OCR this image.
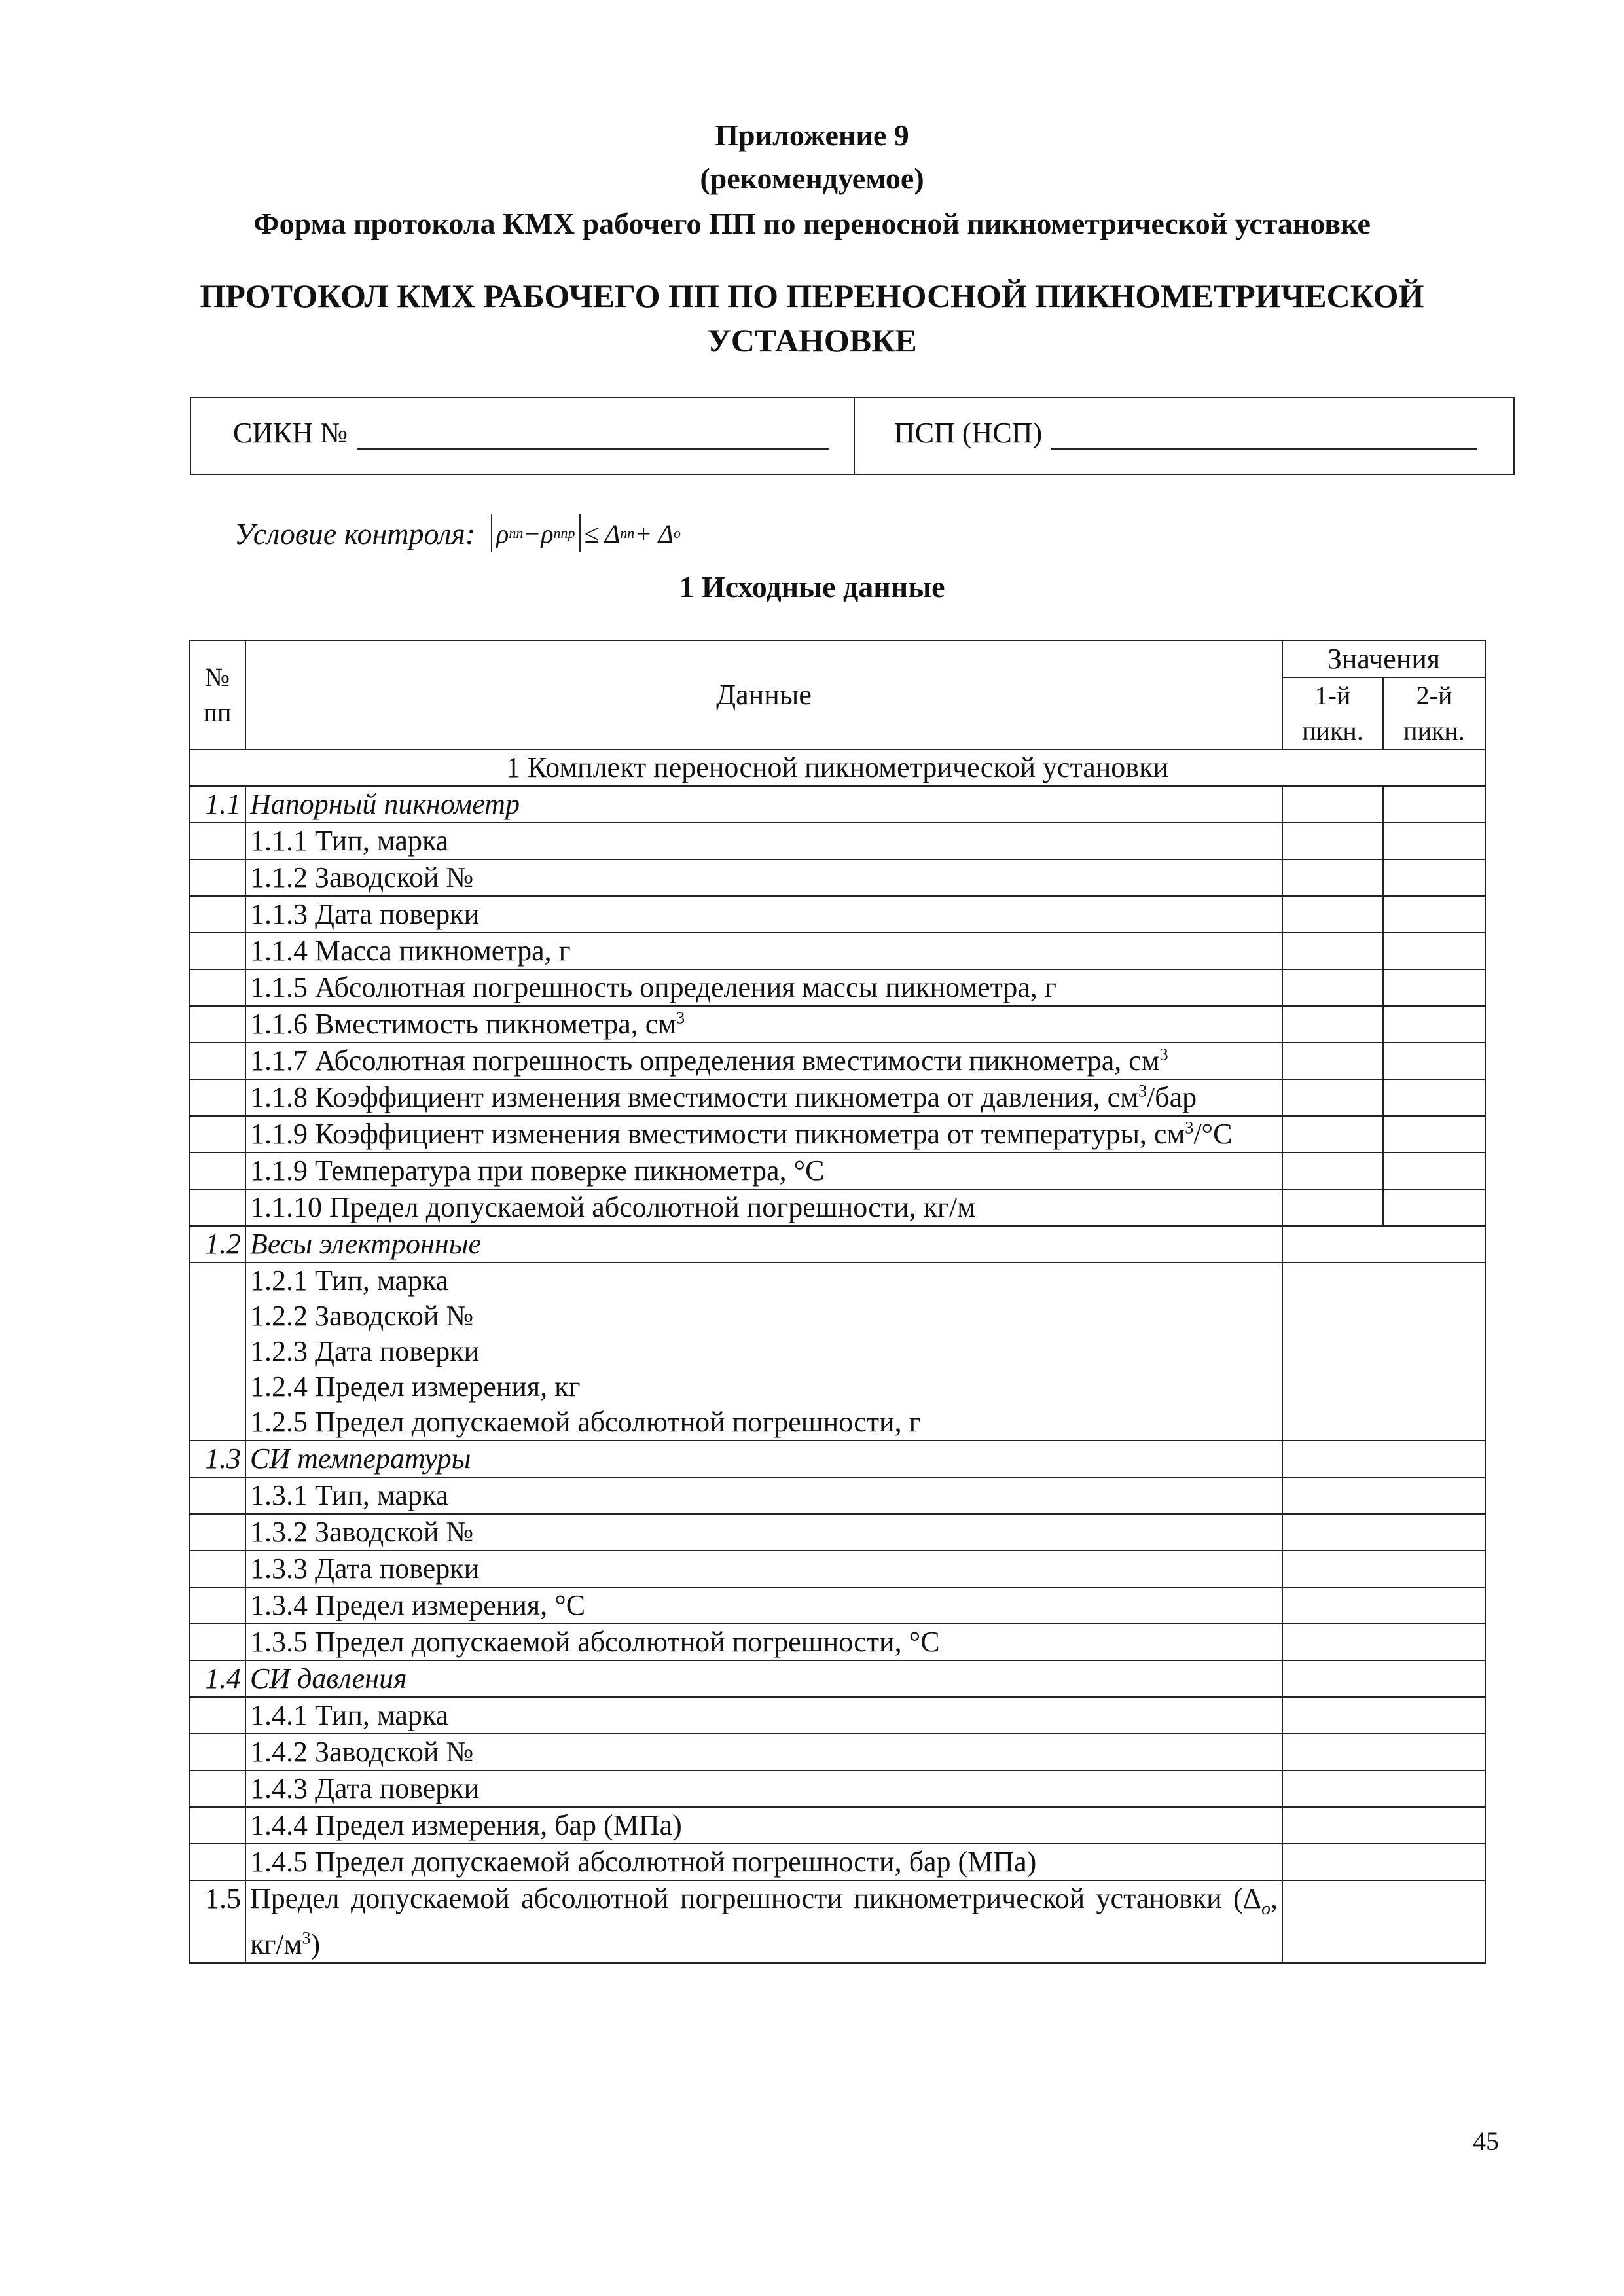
Приложение 9
(рекомендуемое)
Форма протокола КМХ рабочего ПП по переносной пикнометрической установке
ПРОТОКОЛ КМХ РАБОЧЕГО ПП ПО ПЕРЕНОСНОЙ ПИКНОМЕТРИЧЕСКОЙ
УСТАНОВКЕ
СИКН №	ПСП (НСП)
Условие контроля: ρ пп − ρ ппр ≤ Δ пп + Δ о
1 Исходные данные
№ пп	Данные	Значения	
		1-й пикн.	2-й пикн.
1 Комплект переносной пикнометрической установки			
1.1	Напорный пикнометр		
	1.1.1 Тип, марка		
	1.1.2 Заводской №		
	1.1.3 Дата поверки		
	1.1.4 Масса пикнометра, г		
	1.1.5 Абсолютная погрешность определения массы пикнометра, г		
	1.1.6 Вместимость пикнометра, $см^3$		
	1.1.7 Абсолютная погрешность определения вместимости пикнометра, $см^3$		
	1.1.8 Коэффициент изменения вместимости пикнометра от давления, $см^3$/бар		
	1.1.9 Коэффициент изменения вместимости пикнометра от температуры, $см^3/^\circ С$		
	1.1.9 Температура при поверке пикнометра, °С		
	1.1.10 Предел допускаемой абсолютной погрешности, кг/м		
1.2	Весы электронные		

	1.2.1 Тип, марка
1.2.2 Заводской №
1.2.3 Дата поверки
1.2.4 Предел измерения, кг
1.2.5 Предел допускаемой абсолютной погрешности, г		

1.3	СИ температуры		
	1.3.1 Тип, марка		
	1.3.2 Заводской №		
	1.3.3 Дата поверки		
	1.3.4 Предел измерения, °С		
	1.3.5 Предел допускаемой абсолютной погрешности, °С		
1.4	СИ давления		
	1.4.1 Тип, марка		
	1.4.2 Заводской №		
	1.4.3 Дата поверки		
	1.4.4 Предел измерения, бар (МПа)		
	1.4.5 Предел допускаемой абсолютной погрешности, бар (МПа)		
1.5	Предел допускаемой абсолютной погрешности пикнометрической установки ($\Delta_о$, $кг/м^3$)		
45
